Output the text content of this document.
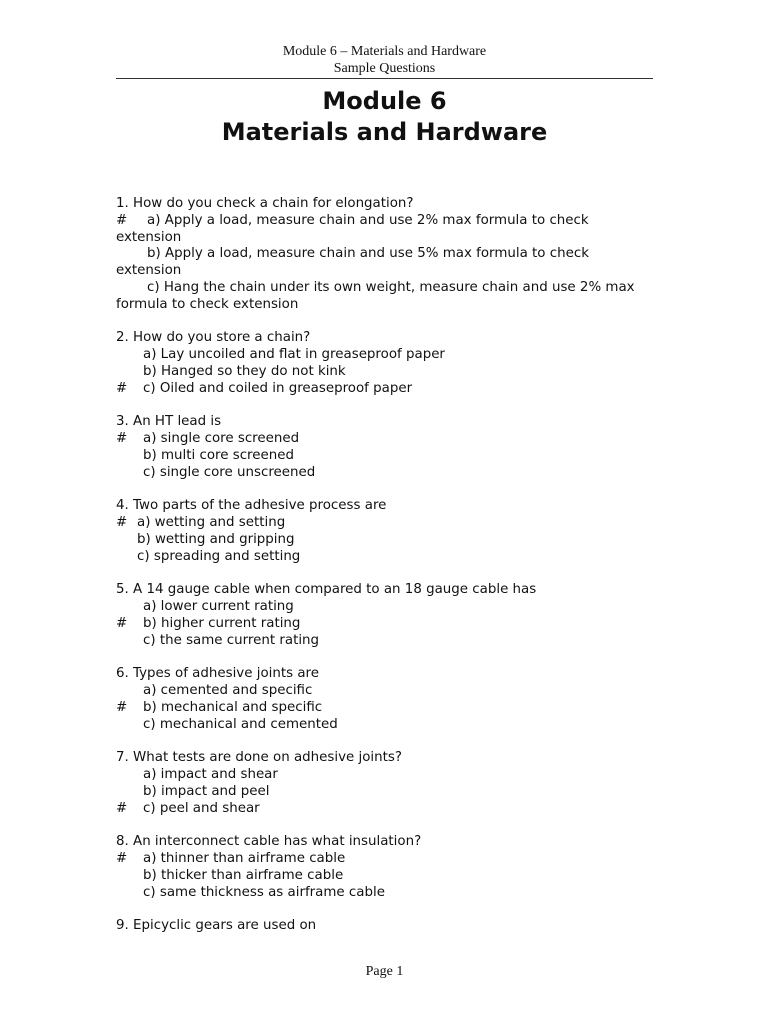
Module 6 – Materials and Hardware
Sample Questions
Module 6
Materials and Hardware
1. How do you check a chain for elongation?
# a) Apply a load, measure chain and use 2% max formula to check
extension
b) Apply a load, measure chain and use 5% max formula to check
extension
c) Hang the chain under its own weight, measure chain and use 2% max
formula to check extension
2. How do you store a chain?
a) Lay uncoiled and flat in greaseproof paper
b) Hanged so they do not kink
# c) Oiled and coiled in greaseproof paper
3. An HT lead is
# a) single core screened
b) multi core screened
c) single core unscreened
4. Two parts of the adhesive process are
# a) wetting and setting
b) wetting and gripping
c) spreading and setting
5. A 14 gauge cable when compared to an 18 gauge cable has
a) lower current rating
# b) higher current rating
c) the same current rating
6. Types of adhesive joints are
a) cemented and specific
# b) mechanical and specific
c) mechanical and cemented
7. What tests are done on adhesive joints?
a) impact and shear
b) impact and peel
# c) peel and shear
8. An interconnect cable has what insulation?
# a) thinner than airframe cable
b) thicker than airframe cable
c) same thickness as airframe cable
9. Epicyclic gears are used on
Page 1
